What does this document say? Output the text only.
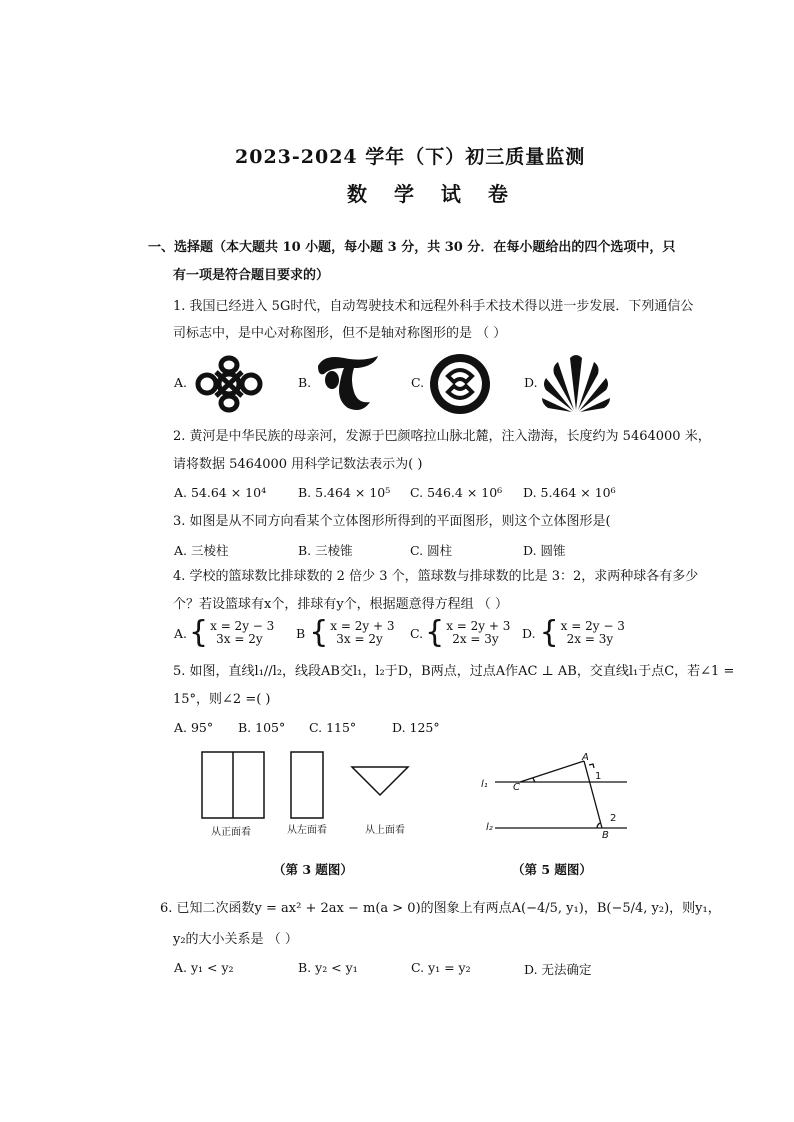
2023-2024 学年（下）初三质量监测
数 学 试 卷
一、选择题（本大题共 10 小题，每小题 3 分，共 30 分．在每小题给出的四个选项中，只
有一项是符合题目要求的）
1. 我国已经进入 5G时代，自动驾驶技术和远程外科手术技术得以进一步发展．下列通信公
司标志中，是中心对称图形，但不是轴对称图形的是 （ ）
A.	B.	C.	D.
2. 黄河是中华民族的母亲河，发源于巴颜喀拉山脉北麓，注入渤海，长度约为 5464000 米，
请将数据 5464000 用科学记数法表示为( )
A. 54.64 × 10⁴	B. 5.464 × 10⁵ C. 546.4 × 10⁶ D. 5.464 × 10⁶
3. 如图是从不同方向看某个立体图形所得到的平面图形，则这个立体图形是(
A. 三棱柱	B. 三棱锥	C. 圆柱	D. 圆锥
4. 学校的篮球数比排球数的 2 倍少 3 个，篮球数与排球数的比是 3：2，求两种球各有多少
个？若设篮球有x个，排球有y个，根据题意得方程组 （ ）
A. { x = 2y − 3
3x = 2y	B { x = 2y + 3
3x = 2y	C. { x = 2y + 3
2x = 3y	D. { x = 2y − 3
2x = 3y
5. 如图，直线l₁//l₂，线段AB交l₁，l₂于D，B两点，过点A作AC ⊥ AB，交直线l₁于点C，若∠1 =
15°，则∠2 =( )
A. 95° B. 105° C. 115°	D. 125°
从正面看	从左面看	从上面看
（第 3 题图）
A
1
l₁	C
2
l₂
B
（第 5 题图）
6. 已知二次函数y = ax² + 2ax − m(a > 0)的图象上有两点A(−4/5, y₁)，B(−5/4, y₂)，则y₁，
y₂的大小关系是 （ ）
A. y₁ < y₂	B. y₂ < y₁	C. y₁ = y₂	D. 无法确定
